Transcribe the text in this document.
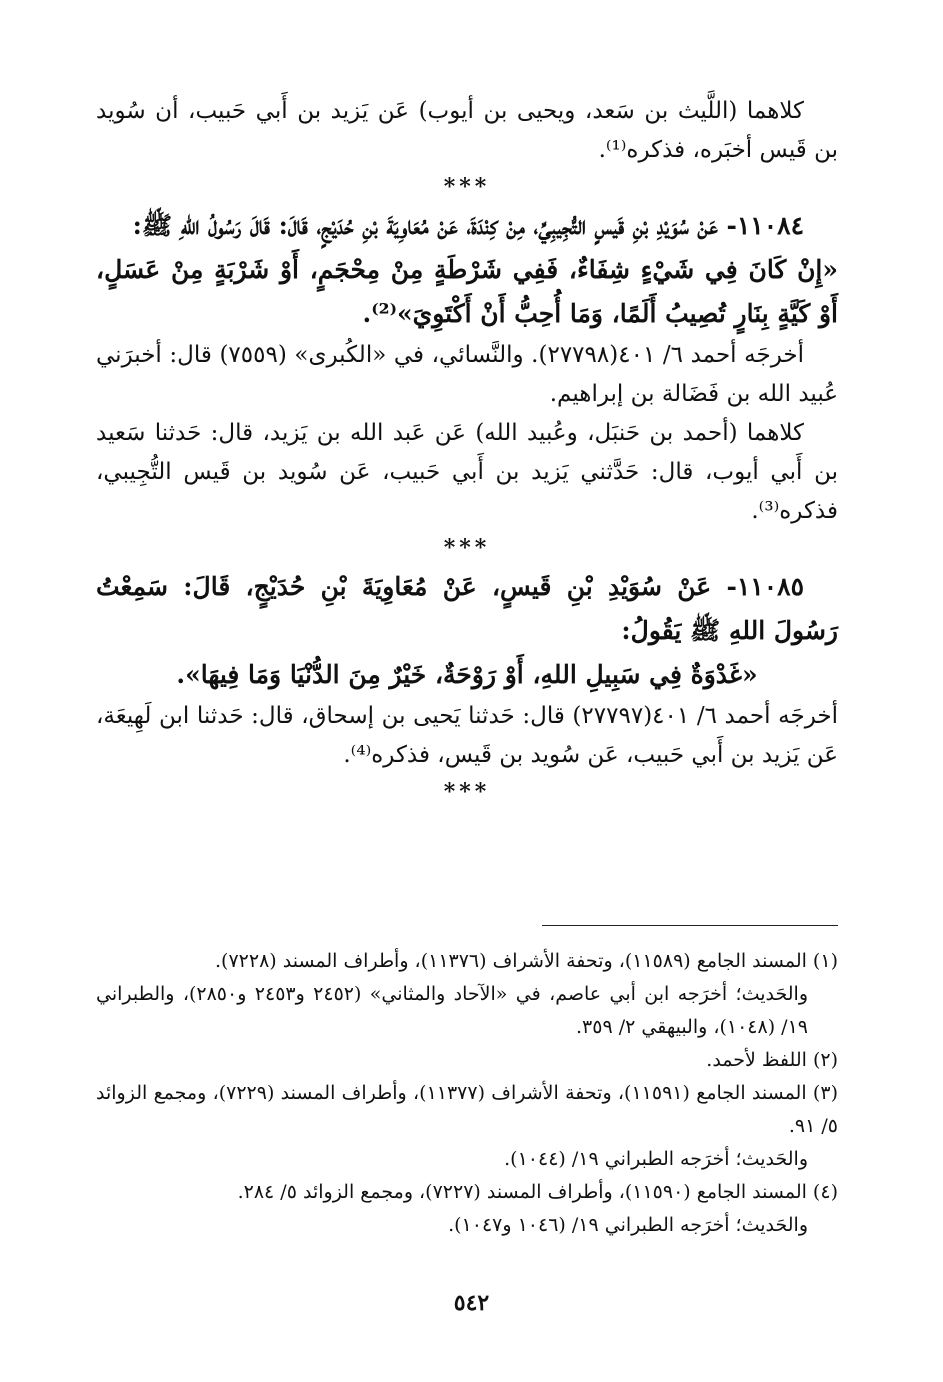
كلاهما (اللَّيث بن سَعد، ويحيى بن أيوب) عَن يَزيد بن أَبي حَبيب، أن سُويد بن قَيس أخبَره، فذكره⁽¹⁾.

***

١١٠٨٤- عَنْ سُوَيْدِ بْنِ قَيسٍ التُّجِيبِيِّ، مِنْ كِنْدَةَ، عَنْ مُعَاوِيَةَ بْنِ حُدَيْجٍ، قَالَ: قَالَ رَسُولُ اللهِ ﷺ:

«إِنْ كَانَ فِي شَيْءٍ شِفَاءٌ، فَفِي شَرْطَةٍ مِنْ مِحْجَمٍ، أَوْ شَرْبَةٍ مِنْ عَسَلٍ، أَوْ كَيَّةٍ بِنَارٍ تُصِيبُ أَلَمًا، وَمَا أُحِبُّ أَنْ أَكْتَوِيَ»⁽²⁾.

أخرجَه أحمد ٦/ ٤٠١(٢٧٧٩٨). والنَّسائي، في «الكُبرى» (٧٥٥٩) قال: أخبرَني عُبيد الله بن فَضَالة بن إبراهيم.

كلاهما (أحمد بن حَنبَل، وعُبيد الله) عَن عَبد الله بن يَزيد، قال: حَدثنا سَعيد بن أَبي أيوب، قال: حَدَّثني يَزيد بن أَبي حَبيب، عَن سُويد بن قَيس التُّجِيبي، فذكره⁽³⁾.

***

١١٠٨٥- عَنْ سُوَيْدِ بْنِ قَيسٍ، عَنْ مُعَاوِيَةَ بْنِ حُدَيْجٍ، قَالَ: سَمِعْتُ رَسُولَ اللهِ ﷺ يَقُولُ:

«غَدْوَةٌ فِي سَبِيلِ اللهِ، أَوْ رَوْحَةٌ، خَيْرٌ مِنَ الدُّنْيَا وَمَا فِيهَا».

أخرجَه أحمد ٦/ ٤٠١(٢٧٧٩٧) قال: حَدثنا يَحيى بن إسحاق، قال: حَدثنا ابن لَهِيعَة، عَن يَزيد بن أَبي حَبيب، عَن سُويد بن قَيس، فذكره⁽⁴⁾.

***

(١) المسند الجامع (١١٥٨٩)، وتحفة الأشراف (١١٣٧٦)، وأطراف المسند (٧٢٢٨).

والحَديث؛ أخرَجه ابن أبي عاصم، في «الآحاد والمثاني» (٢٤٥٢ و٢٤٥٣ و٢٨٥٠)، والطبراني ١٩/ (١٠٤٨)، والبيهقي ٢/ ٣٥٩.

(٢) اللفظ لأحمد.

(٣) المسند الجامع (١١٥٩١)، وتحفة الأشراف (١١٣٧٧)، وأطراف المسند (٧٢٢٩)، ومجمع الزوائد ٥/ ٩١.

والحَديث؛ أخرَجه الطبراني ١٩/ (١٠٤٤).

(٤) المسند الجامع (١١٥٩٠)، وأطراف المسند (٧٢٢٧)، ومجمع الزوائد ٥/ ٢٨٤.

والحَديث؛ أخرَجه الطبراني ١٩/ (١٠٤٦ و١٠٤٧).

٥٤٢
